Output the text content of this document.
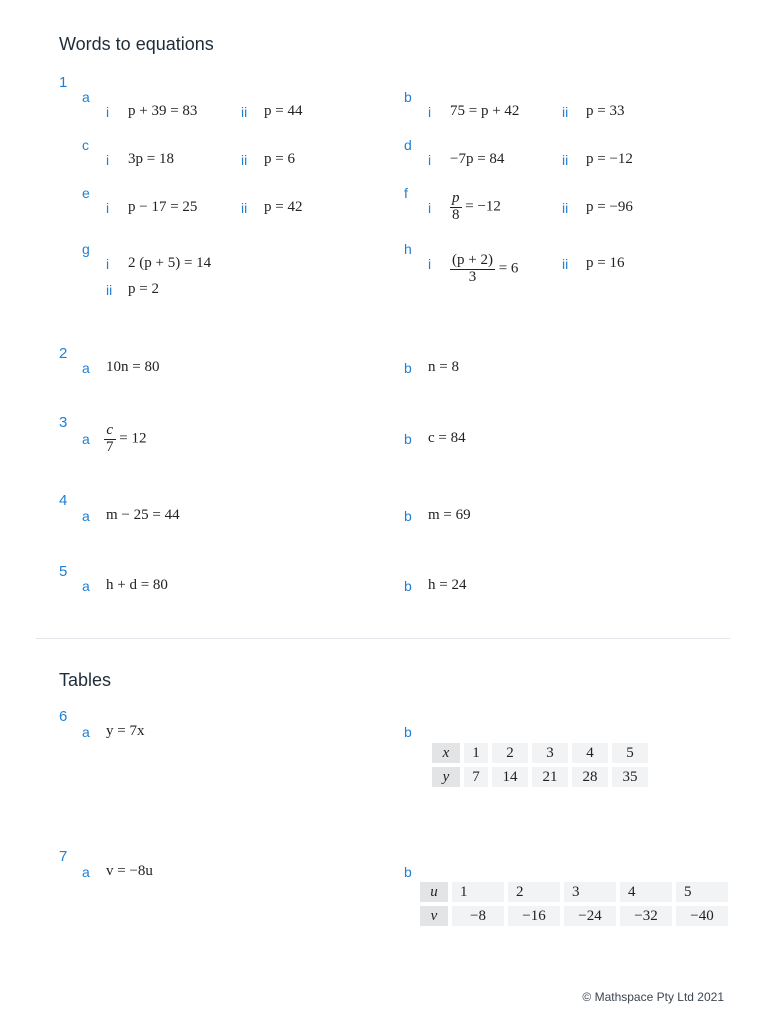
Words to equations
1
a
i p + 39 = 83	ii p = 44
b
i 75 = p + 42	ii p = 33
c
i 3p = 18	ii p = 6
d
i −7p = 84	ii p = −12
e
i p − 17 = 25	ii p = 42
f
i $\frac{p}{8} = -12$	ii p = −96
g
i 2 (p + 5) = 14
ii p = 2
h
i $\frac{(p + 2)}{3} = 6$	ii p = 16
2
a 10n = 80	b n = 8
3
a $\frac{c}{7} = 12$	b c = 84
4
a m − 25 = 44	b m = 69
5
a h + d = 80	b h = 24
Tables
6
a y = 7x	b
x	1	2	3	4	5
y	7	14	21	28	35
7
a v = −8u	b
u	1	2	3	4	5
v	−8	−16	−24	−32	−40
© Mathspace Pty Ltd 2021
